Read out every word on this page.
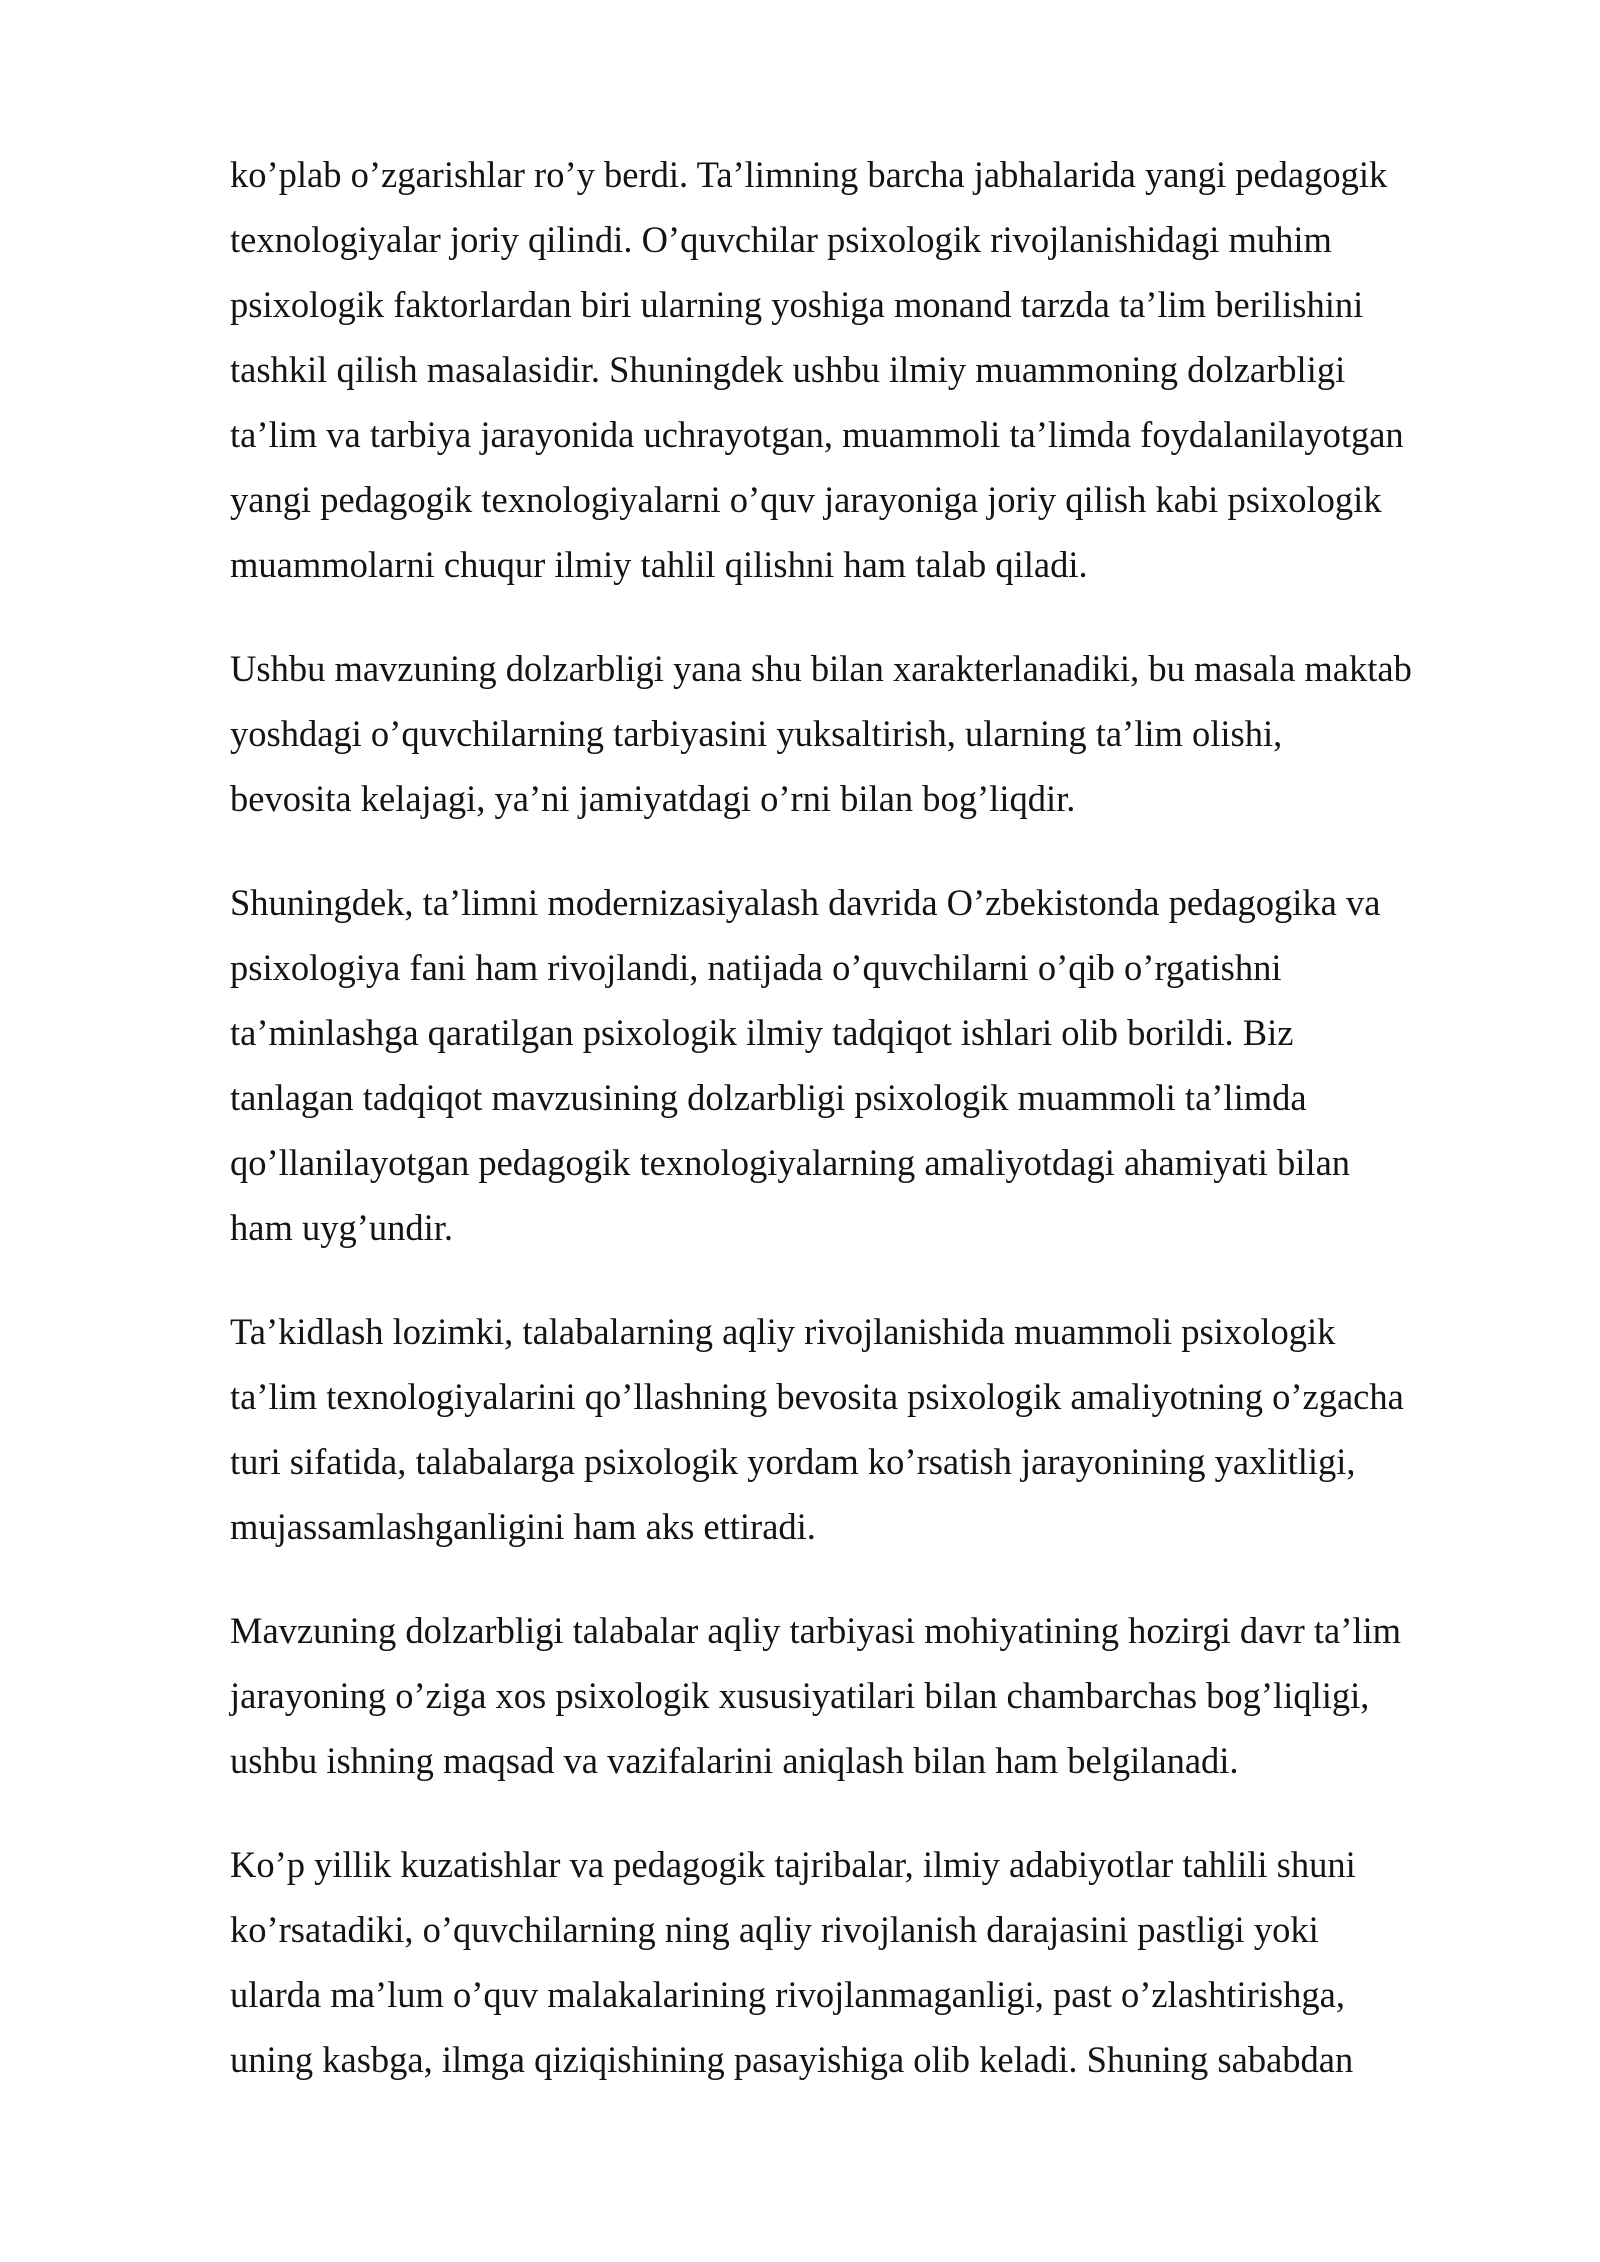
ko’plab o’zgarishlar ro’y berdi. Ta’limning barcha jabhalarida yangi pedagogik
texnologiyalar joriy qilindi. O’quvchilar psixologik rivojlanishidagi muhim
psixologik faktorlardan biri ularning yoshiga monand tarzda ta’lim berilishini
tashkil qilish masalasidir. Shuningdek ushbu ilmiy muammoning dolzarbligi
ta’lim va tarbiya jarayonida uchrayotgan, muammoli ta’limda foydalanilayotgan
yangi pedagogik texnologiyalarni o’quv jarayoniga joriy qilish kabi psixologik
muammolarni chuqur ilmiy tahlil qilishni ham talab qiladi.

Ushbu mavzuning dolzarbligi yana shu bilan xarakterlanadiki, bu masala maktab
yoshdagi o’quvchilarning tarbiyasini yuksaltirish, ularning ta’lim olishi,
bevosita kelajagi, ya’ni jamiyatdagi o’rni bilan bog’liqdir.

Shuningdek, ta’limni modernizasiyalash davrida O’zbekistonda pedagogika va
psixologiya fani ham rivojlandi, natijada o’quvchilarni o’qib o’rgatishni
ta’minlashga qaratilgan psixologik ilmiy tadqiqot ishlari olib borildi. Biz
tanlagan tadqiqot mavzusining dolzarbligi psixologik muammoli ta’limda
qo’llanilayotgan pedagogik texnologiyalarning amaliyotdagi ahamiyati bilan
ham uyg’undir.

Ta’kidlash lozimki, talabalarning aqliy rivojlanishida muammoli psixologik
ta’lim texnologiyalarini qo’llashning bevosita psixologik amaliyotning o’zgacha
turi sifatida, talabalarga psixologik yordam ko’rsatish jarayonining yaxlitligi,
mujassamlashganligini ham aks ettiradi.

Mavzuning dolzarbligi talabalar aqliy tarbiyasi mohiyatining hozirgi davr ta’lim
jarayoning o’ziga xos psixologik xususiyatilari bilan chambarchas bog’liqligi,
ushbu ishning maqsad va vazifalarini aniqlash bilan ham belgilanadi.

Ko’p yillik kuzatishlar va pedagogik tajribalar, ilmiy adabiyotlar tahlili shuni
ko’rsatadiki, o’quvchilarning ning aqliy rivojlanish darajasini pastligi yoki
ularda ma’lum o’quv malakalarining rivojlanmaganligi, past o’zlashtirishga,
uning kasbga, ilmga qiziqishining pasayishiga olib keladi. Shuning sababdan
